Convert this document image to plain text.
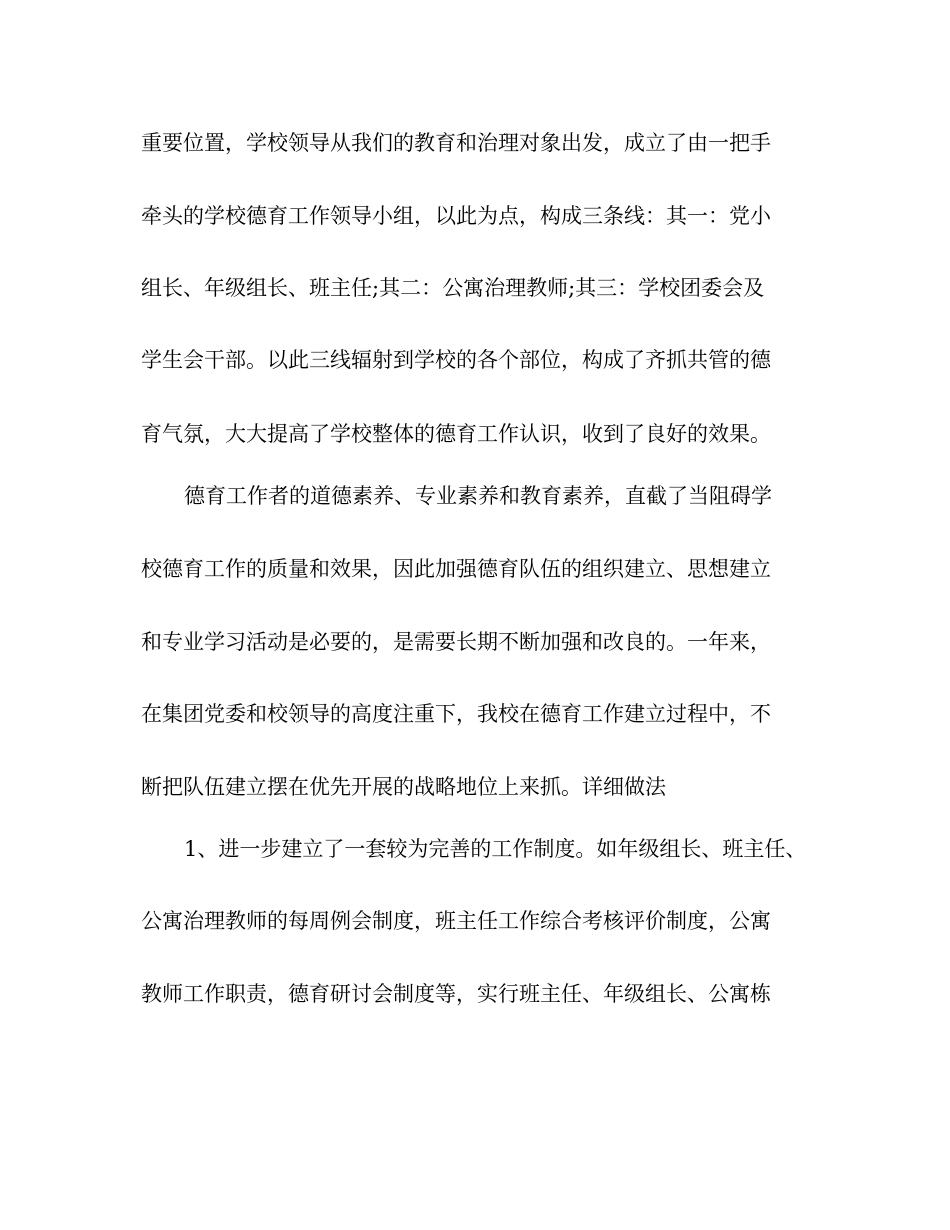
重要位置，学校领导从我们的教育和治理对象出发，成立了由一把手
牵头的学校德育工作领导小组，以此为点，构成三条线：其一：党小
组长、年级组长、班主任;其二：公寓治理教师;其三：学校团委会及
学生会干部。以此三线辐射到学校的各个部位，构成了齐抓共管的德
育气氛，大大提高了学校整体的德育工作认识，收到了良好的效果。
德育工作者的道德素养、专业素养和教育素养，直截了当阻碍学
校德育工作的质量和效果，因此加强德育队伍的组织建立、思想建立
和专业学习活动是必要的，是需要长期不断加强和改良的。一年来，
在集团党委和校领导的高度注重下，我校在德育工作建立过程中，不
断把队伍建立摆在优先开展的战略地位上来抓。详细做法
1、进一步建立了一套较为完善的工作制度。如年级组长、班主任、
公寓治理教师的每周例会制度，班主任工作综合考核评价制度，公寓
教师工作职责，德育研讨会制度等，实行班主任、年级组长、公寓栋
